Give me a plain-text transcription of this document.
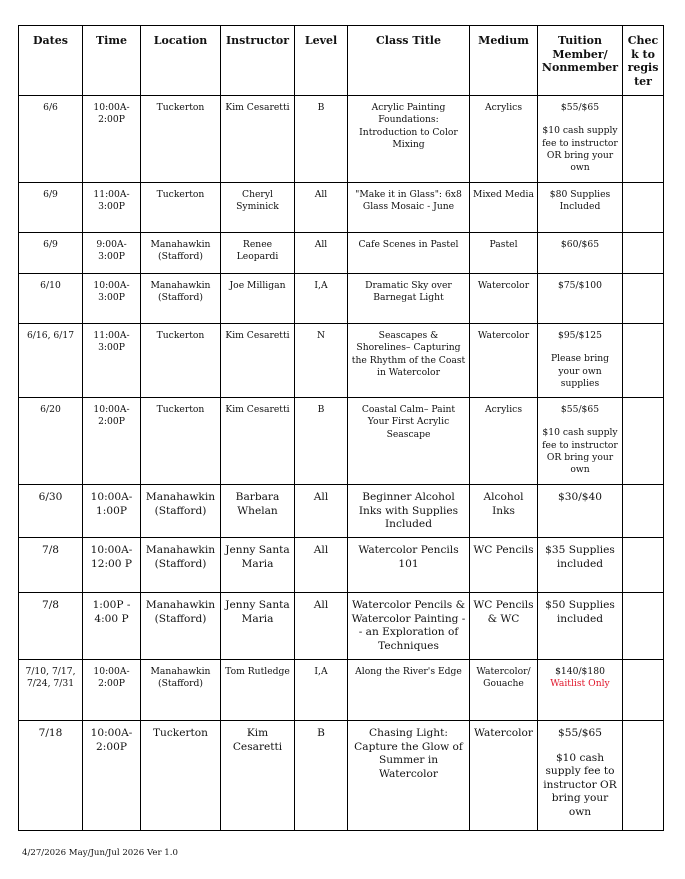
Dates	Time	Location	Instructor	Level	Class Title	Medium	Tuition Member/ Nonmember	Chec k to regis ter

6/6	10:00A-2:00P	Tuckerton	Kim Cesaretti	B	Acrylic Painting Foundations: Introduction to Color Mixing	Acrylics	$55/$65
$10 cash supply fee to instructor OR bring your own	

6/9	11:00A-3:00P	Tuckerton	Cheryl Syminick	All	"Make it in Glass": 6x8 Glass Mosaic - June	Mixed Media	$80 Supplies Included	

6/9	9:00A-3:00P	Manahawkin (Stafford)	Renee Leopardi	All	Cafe Scenes in Pastel	Pastel	$60/$65	

6/10	10:00A-3:00P	Manahawkin (Stafford)	Joe Milligan	I,A	Dramatic Sky over Barnegat Light	Watercolor	$75/$100	

6/16, 6/17	11:00A-3:00P	Tuckerton	Kim Cesaretti	N	Seascapes & Shorelines– Capturing the Rhythm of the Coast in Watercolor	Watercolor	$95/$125
Please bring your own supplies	

6/20	10:00A-2:00P	Tuckerton	Kim Cesaretti	B	Coastal Calm– Paint Your First Acrylic Seascape	Acrylics	$55/$65
$10 cash supply fee to instructor OR bring your own	

6/30	10:00A-1:00P	Manahawkin (Stafford)	Barbara Whelan	All	Beginner Alcohol Inks with Supplies Included	Alcohol Inks	$30/$40	

7/8	10:00A-12:00 P	Manahawkin (Stafford)	Jenny Santa Maria	All	Watercolor Pencils 101	WC Pencils	$35 Supplies included	

7/8	1:00P - 4:00 P	Manahawkin (Stafford)	Jenny Santa Maria	All	Watercolor Pencils & Watercolor Painting - - an Exploration of Techniques	WC Pencils & WC	$50 Supplies included	

7/10, 7/17, 7/24, 7/31	10:00A-2:00P	Manahawkin (Stafford)	Tom Rutledge	I,A	Along the River's Edge	Watercolor/ Gouache	$140/$180
Waitlist Only	

7/18	10:00A-2:00P	Tuckerton	Kim Cesaretti	B	Chasing Light: Capture the Glow of Summer in Watercolor	Watercolor	$55/$65
$10 cash supply fee to instructor OR bring your own	

4/27/2026 May/Jun/Jul 2026 Ver 1.0
